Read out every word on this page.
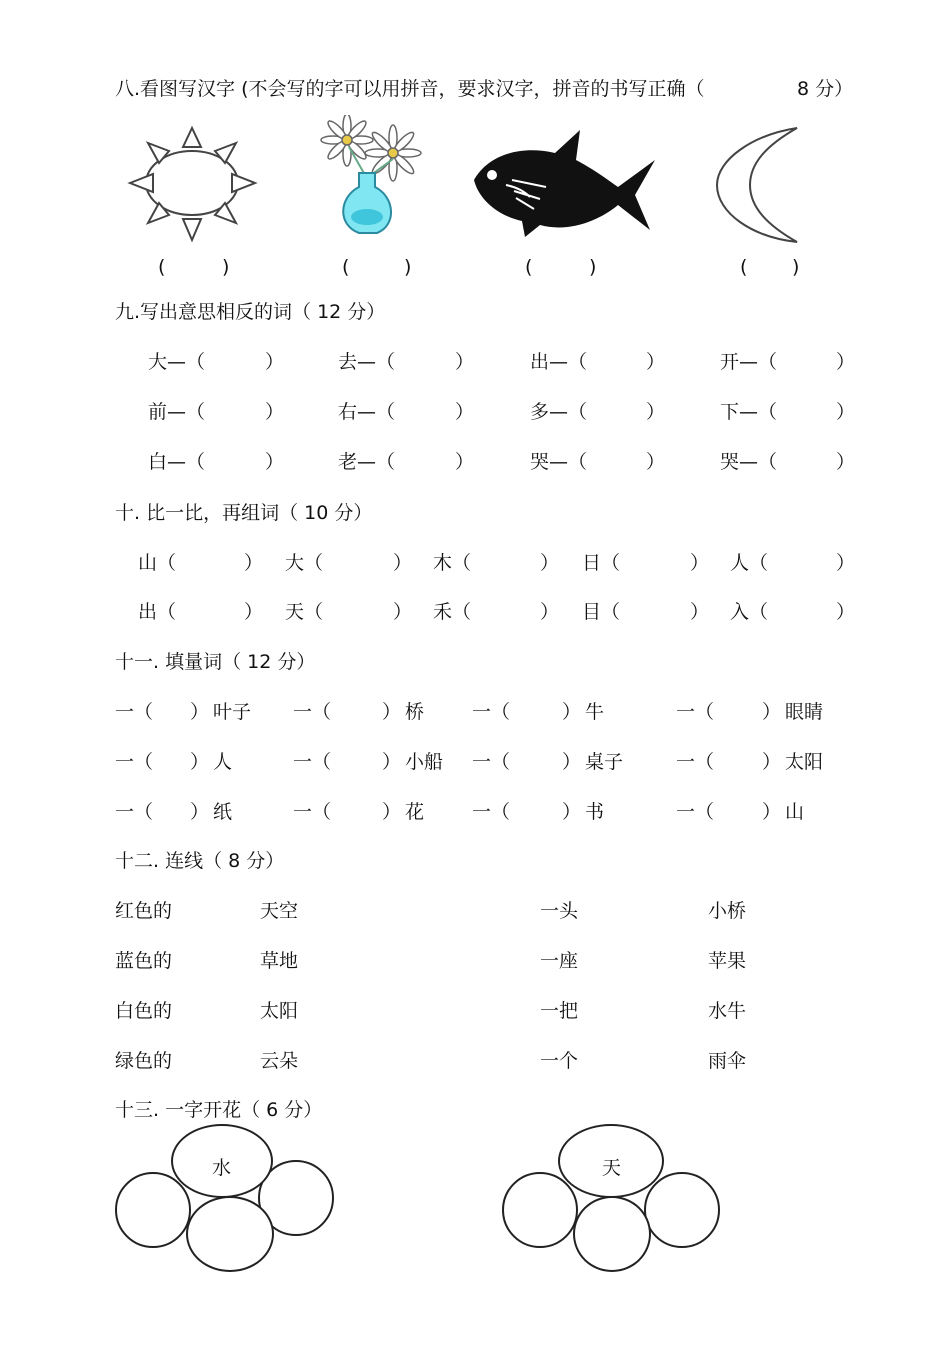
八.看图写汉字 (不会写的字可以用拼音，要求汉字，拼音的书写正确（	8 分）
(	)	(	)	(	)	( )
九.写出意思相反的词（ 12 分）
大—（	）	去—（	）	出—（	）	开—（	）
前—（	）	右—（	）	多—（	）	下—（	）
白—（	）	老—（	）	哭—（	）	哭—（	）
十. 比一比，再组词（ 10 分）
山（	） 大（	） 木（	） 日（	） 人（	）
出（	） 天（	） 禾（	） 目（	） 入（	）
十一. 填量词（ 12 分）
一（ ） 叶子 一（	） 桥	一（	） 牛	一（	） 眼睛
一（ ） 人	一（	） 小船 一（	） 桌子	一（	） 太阳
一（ ） 纸	一（	） 花	一（	） 书	一（	） 山
十二. 连线（ 8 分）
红色的	天空	一头	小桥
蓝色的	草地	一座	苹果
白色的	太阳	一把	水牛
绿色的	云朵	一个	雨伞
十三. 一字开花（ 6 分）
水	天
